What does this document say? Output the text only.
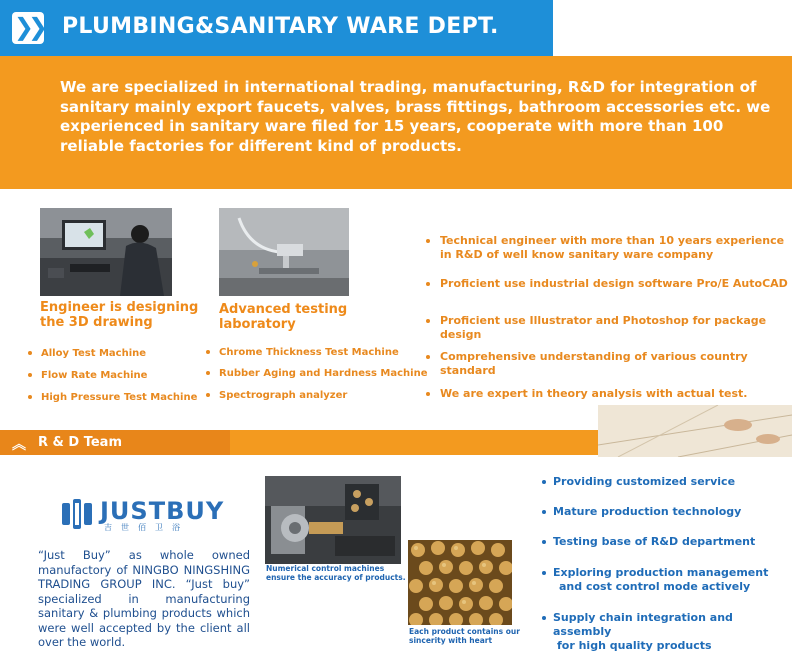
❯❯ PLUMBING&SANITARY WARE DEPT.
We are specialized in international trading, manufacturing, R&D for integration of sanitary mainly export faucets, valves, brass fittings, bathroom accessories etc. we experienced in sanitary ware filed for 15 years, cooperate with more than 100 reliable factories for different kind of products.
Engineer is designing
the 3D drawing
Advanced testing
laboratory
Alloy Test Machine
Flow Rate Machine
High Pressure Test Machine
Chrome Thickness Test Machine
Rubber Aging and Hardness Machine
Spectrograph analyzer
Technical engineer with more than 10 years experience
in R&D of well know sanitary ware company
Proficient use industrial design software Pro/E AutoCAD
Proficient use Illustrator and Photoshop for package design
Comprehensive understanding of various country standard
We are expert in theory analysis with actual test.
︽ R & D Team
JUSTBUY
吉世佰卫浴
“Just Buy” as whole owned manufactory of NINGBO NINGSHING TRADING GROUP INC. “Just buy” specialized in manufacturing sanitary & plumbing products which were well accepted by the client all over the world.
Numerical control machines
ensure the accuracy of products.
Each product contains our
sincerity with heart
Providing customized service
Mature production technology
Testing base of R&D department
Exploring production management
and cost control mode actively
Supply chain integration and assembly
for high quality products
